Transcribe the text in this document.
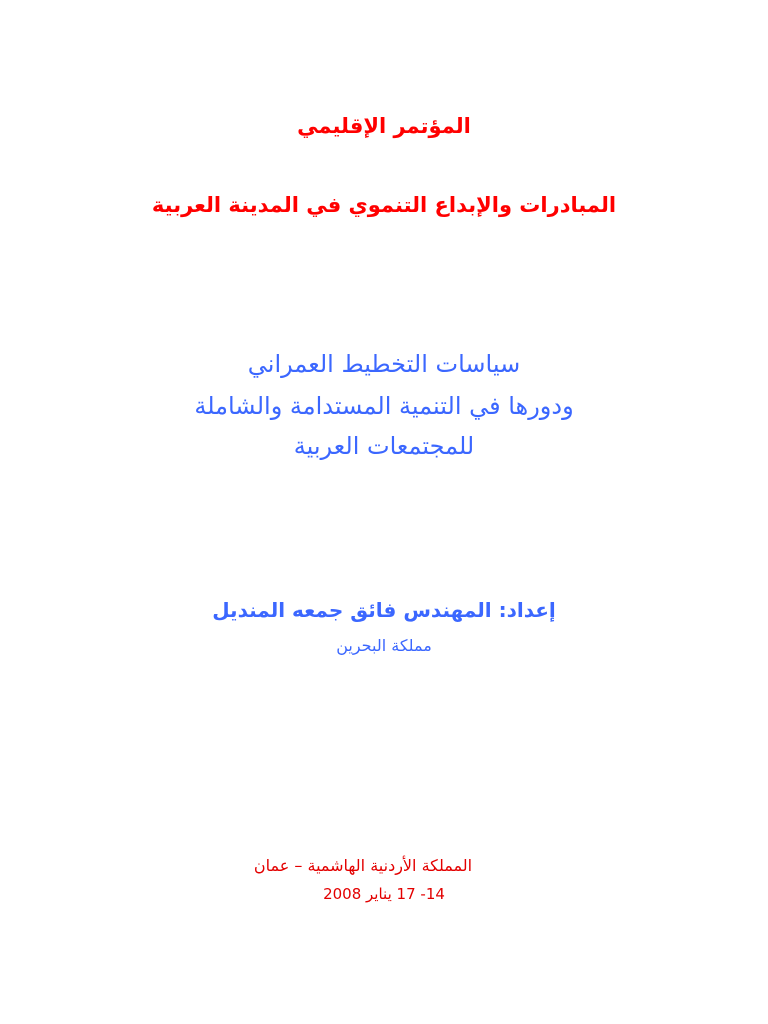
المؤتمر الإقليمي
المبادرات والإبداع التنموي في المدينة العربية
سياسات التخطيط العمراني
ودورها في التنمية المستدامة والشاملة
للمجتمعات العربية
إعداد: المهندس فائق جمعه المنديل
مملكة البحرين
المملكة الأردنية الهاشمية – عمان
14- 17 يناير 2008
